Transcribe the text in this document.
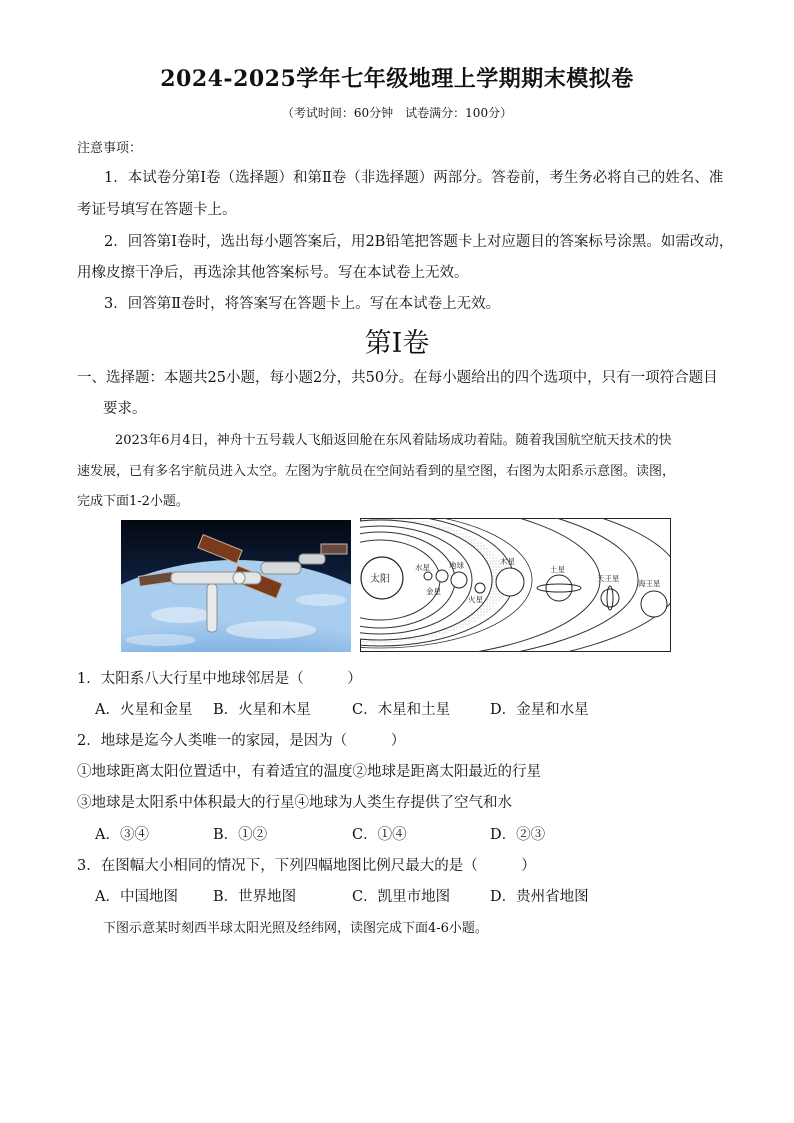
2024-2025学年七年级地理上学期期末模拟卷
（考试时间：60分钟　试卷满分：100分）
注意事项：
1．本试卷分第Ⅰ卷（选择题）和第Ⅱ卷（非选择题）两部分。答卷前，考生务必将自己的姓名、准
考证号填写在答题卡上。
2．回答第Ⅰ卷时，选出每小题答案后，用2B铅笔把答题卡上对应题目的答案标号涂黑。如需改动，
用橡皮擦干净后，再选涂其他答案标号。写在本试卷上无效。
3．回答第Ⅱ卷时，将答案写在答题卡上。写在本试卷上无效。
第Ⅰ卷
一、选择题：本题共25小题，每小题2分，共50分。在每小题给出的四个选项中，只有一项符合题目
要求。
2023年6月4日，神舟十五号载人飞船返回舱在东风着陆场成功着陆。随着我国航空航天技术的快
速发展，已有多名宇航员进入太空。左图为宇航员在空间站看到的星空图，右图为太阳系示意图。读图，
完成下面1-2小题。
太阳
水星
金星
地球
火星
木星
土星
天王星
海王星
1．太阳系八大行星中地球邻居是（　　　）
A．火星和金星 B．火星和木星	C．木星和土星	D．金星和水星
2．地球是迄今人类唯一的家园，是因为（　　　）
①地球距离太阳位置适中，有着适宜的温度②地球是距离太阳最近的行星
③地球是太阳系中体积最大的行星④地球为人类生存提供了空气和水
A．③④	B．①②	C．①④	D．②③
3．在图幅大小相同的情况下，下列四幅地图比例尺最大的是（　　　）
A．中国地图 B．世界地图	C．凯里市地图	D．贵州省地图
下图示意某时刻西半球太阳光照及经纬网，读图完成下面4-6小题。
